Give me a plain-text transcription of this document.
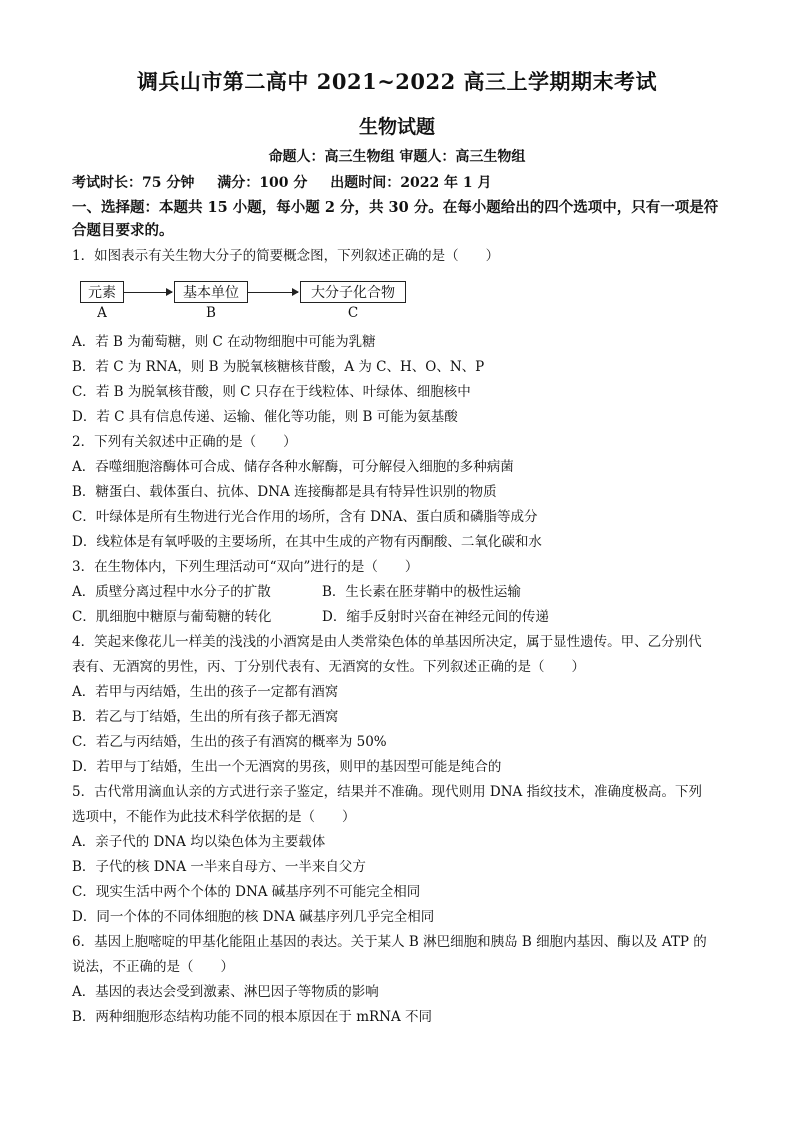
调兵山市第二高中 2021~2022 高三上学期期末考试
生物试题
命题人：高三生物组 审题人：高三生物组
考试时长：75 分钟 满分：100 分 出题时间：2022 年 1 月
一、选择题：本题共 15 小题，每小题 2 分，共 30 分。在每小题给出的四个选项中，只有一项是符合题目要求的。
1．如图表示有关生物大分子的简要概念图，下列叙述正确的是（　　）
元素	基本单位	大分子化合物
A	B	C
A．若 B 为葡萄糖，则 C 在动物细胞中可能为乳糖
B．若 C 为 RNA，则 B 为脱氧核糖核苷酸，A 为 C、H、O、N、P
C．若 B 为脱氧核苷酸，则 C 只存在于线粒体、叶绿体、细胞核中
D．若 C 具有信息传递、运输、催化等功能，则 B 可能为氨基酸
2．下列有关叙述中正确的是（　　）
A．吞噬细胞溶酶体可合成、储存各种水解酶，可分解侵入细胞的多种病菌
B．糖蛋白、载体蛋白、抗体、DNA 连接酶都是具有特异性识别的物质
C．叶绿体是所有生物进行光合作用的场所，含有 DNA、蛋白质和磷脂等成分
D．线粒体是有氧呼吸的主要场所，在其中生成的产物有丙酮酸、二氧化碳和水
3．在生物体内，下列生理活动可“双向”进行的是（　　）
A．质壁分离过程中水分子的扩散	B．生长素在胚芽鞘中的极性运输
C．肌细胞中糖原与葡萄糖的转化	D．缩手反射时兴奋在神经元间的传递
4．笑起来像花儿一样美的浅浅的小酒窝是由人类常染色体的单基因所决定，属于显性遗传。甲、乙分别代
表有、无酒窝的男性，丙、丁分别代表有、无酒窝的女性。下列叙述正确的是（　　）
A．若甲与丙结婚，生出的孩子一定都有酒窝
B．若乙与丁结婚，生出的所有孩子都无酒窝
C．若乙与丙结婚，生出的孩子有酒窝的概率为 50%
D．若甲与丁结婚，生出一个无酒窝的男孩，则甲的基因型可能是纯合的
5．古代常用滴血认亲的方式进行亲子鉴定，结果并不准确。现代则用 DNA 指纹技术，准确度极高。下列
选项中，不能作为此技术科学依据的是（　　）
A．亲子代的 DNA 均以染色体为主要载体
B．子代的核 DNA 一半来自母方、一半来自父方
C．现实生活中两个个体的 DNA 碱基序列不可能完全相同
D．同一个体的不同体细胞的核 DNA 碱基序列几乎完全相同
6．基因上胞嘧啶的甲基化能阻止基因的表达。关于某人 B 淋巴细胞和胰岛 B 细胞内基因、酶以及 ATP 的
说法，不正确的是（　　）
A．基因的表达会受到激素、淋巴因子等物质的影响
B．两种细胞形态结构功能不同的根本原因在于 mRNA 不同
